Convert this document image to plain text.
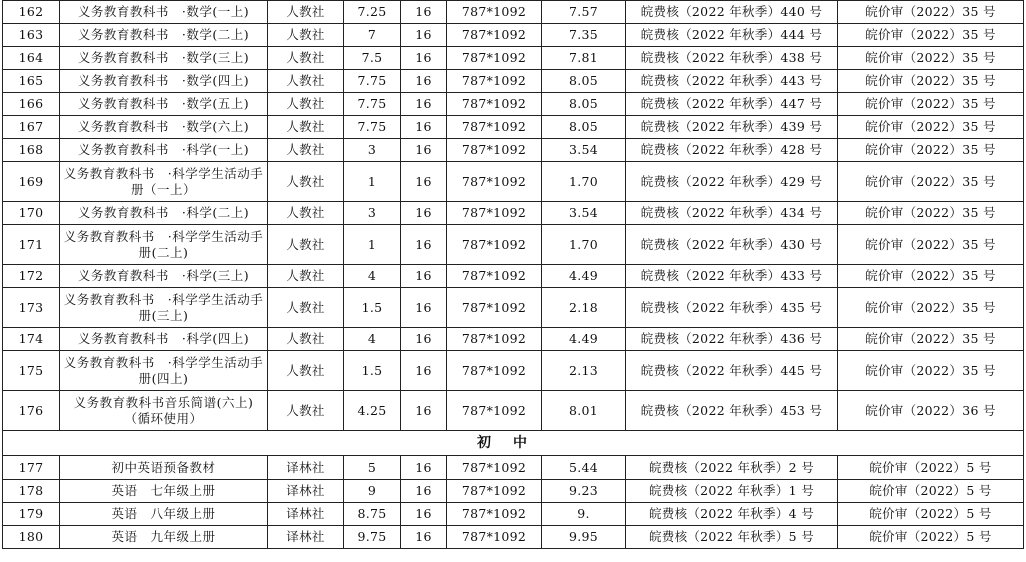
162	义务教育教科书　·数学(一上)	人教社	7.25	16	787*1092	7.57	皖费核（2022 年秋季）440 号	皖价审（2022）35 号
163	义务教育教科书　·数学(二上)	人教社	7	16	787*1092	7.35	皖费核（2022 年秋季）444 号	皖价审（2022）35 号
164	义务教育教科书　·数学(三上)	人教社	7.5	16	787*1092	7.81	皖费核（2022 年秋季）438 号	皖价审（2022）35 号
165	义务教育教科书　·数学(四上)	人教社	7.75	16	787*1092	8.05	皖费核（2022 年秋季）443 号	皖价审（2022）35 号
166	义务教育教科书　·数学(五上)	人教社	7.75	16	787*1092	8.05	皖费核（2022 年秋季）447 号	皖价审（2022）35 号
167	义务教育教科书　·数学(六上)	人教社	7.75	16	787*1092	8.05	皖费核（2022 年秋季）439 号	皖价审（2022）35 号
168	义务教育教科书　·科学(一上)	人教社	3	16	787*1092	3.54	皖费核（2022 年秋季）428 号	皖价审（2022）35 号
169	义务教育教科书　·科学学生活动手册（一上）	人教社	1	16	787*1092	1.70	皖费核（2022 年秋季）429 号	皖价审（2022）35 号
170	义务教育教科书　·科学(二上)	人教社	3	16	787*1092	3.54	皖费核（2022 年秋季）434 号	皖价审（2022）35 号
171	义务教育教科书　·科学学生活动手册(二上)	人教社	1	16	787*1092	1.70	皖费核（2022 年秋季）430 号	皖价审（2022）35 号
172	义务教育教科书　·科学(三上)	人教社	4	16	787*1092	4.49	皖费核（2022 年秋季）433 号	皖价审（2022）35 号
173	义务教育教科书　·科学学生活动手册(三上)	人教社	1.5	16	787*1092	2.18	皖费核（2022 年秋季）435 号	皖价审（2022）35 号
174	义务教育教科书　·科学(四上)	人教社	4	16	787*1092	4.49	皖费核（2022 年秋季）436 号	皖价审（2022）35 号
175	义务教育教科书　·科学学生活动手册(四上)	人教社	1.5	16	787*1092	2.13	皖费核（2022 年秋季）445 号	皖价审（2022）35 号
176	义务教育教科书音乐简谱(六上)（循环使用）	人教社	4.25	16	787*1092	8.01	皖费核（2022 年秋季）453 号	皖价审（2022）36 号
初中								
177	初中英语预备教材	译林社	5	16	787*1092	5.44	皖费核（2022 年秋季）2 号	皖价审（2022）5 号
178	英语　七年级上册	译林社	9	16	787*1092	9.23	皖费核（2022 年秋季）1 号	皖价审（2022）5 号
179	英语　八年级上册	译林社	8.75	16	787*1092	9.	皖费核（2022 年秋季）4 号	皖价审（2022）5 号
180	英语　九年级上册	译林社	9.75	16	787*1092	9.95	皖费核（2022 年秋季）5 号	皖价审（2022）5 号
